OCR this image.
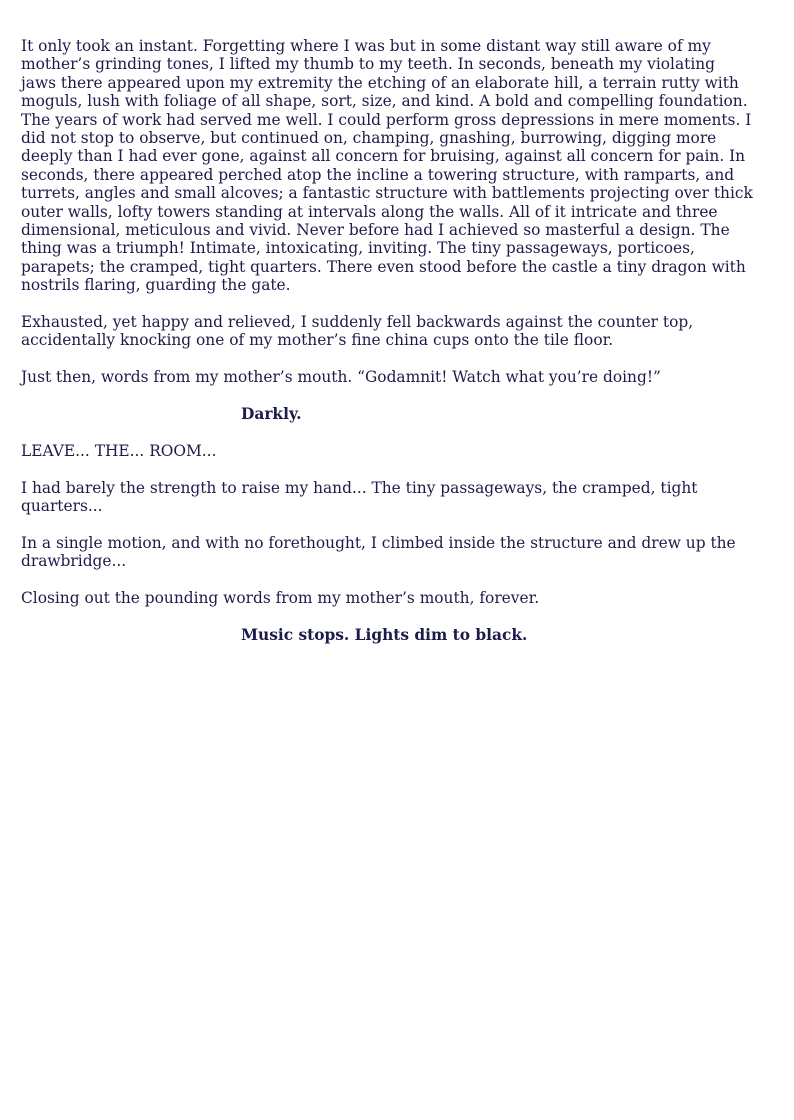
It only took an instant. Forgetting where I was but in some distant way still aware of my mother’s grinding tones, I lifted my thumb to my teeth. In seconds, beneath my violating jaws there appeared upon my extremity the etching of an elaborate hill, a terrain rutty with moguls, lush with foliage of all shape, sort, size, and kind. A bold and compelling foundation. The years of work had served me well. I could perform gross depressions in mere moments. I did not stop to observe, but continued on, champing, gnashing, burrowing, digging more deeply than I had ever gone, against all concern for bruising, against all concern for pain. In seconds, there appeared perched atop the incline a towering structure, with ramparts, and turrets, angles and small alcoves; a fantastic structure with battlements projecting over thick outer walls, lofty towers standing at intervals along the walls. All of it intricate and three dimensional, meticulous and vivid. Never before had I achieved so masterful a design. The thing was a triumph! Intimate, intoxicating, inviting. The tiny passageways, porticoes, parapets; the cramped, tight quarters. There even stood before the castle a tiny dragon with nostrils flaring, guarding the gate.

Exhausted, yet happy and relieved, I suddenly fell backwards against the counter top, accidentally knocking one of my mother’s fine china cups onto the tile floor.

Just then, words from my mother’s mouth. “Godamnit! Watch what you’re doing!”

Darkly.

LEAVE... THE... ROOM...

I had barely the strength to raise my hand... The tiny passageways, the cramped, tight quarters...

In a single motion, and with no forethought, I climbed inside the structure and drew up the drawbridge...

Closing out the pounding words from my mother’s mouth, forever.

Music stops. Lights dim to black.
